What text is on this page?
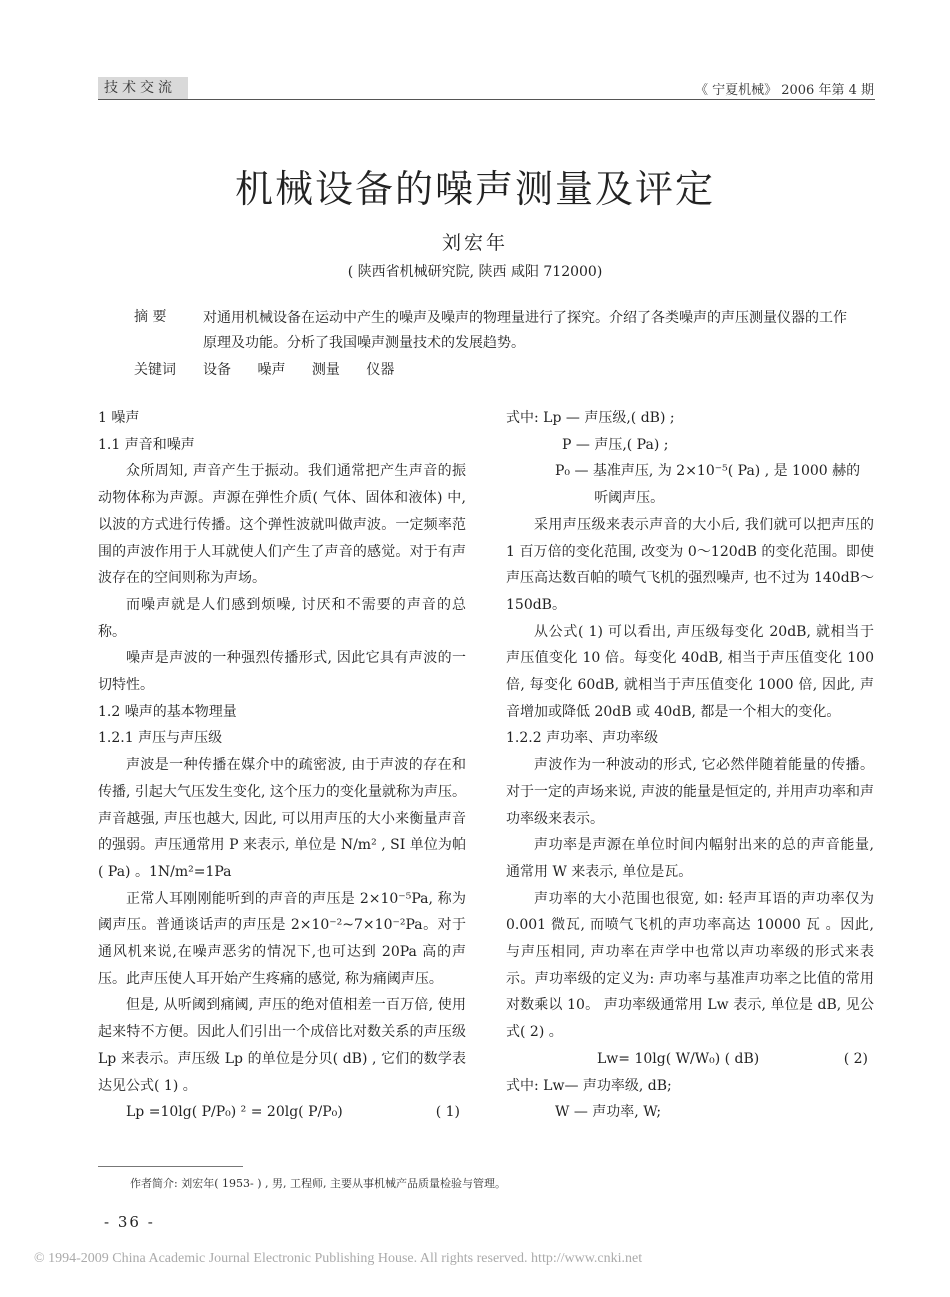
技术交流	《 宁夏机械》 2006 年第 4 期
机械设备的噪声测量及评定
刘宏年
( 陕西省机械研究院, 陕西 咸阳 712000)
摘 要	对通用机械设备在运动中产生的噪声及噪声的物理量进行了探究。介绍了各类噪声的声压测量仪器的工作原理及功能。分析了我国噪声测量技术的发展趋势。
关键词 设备 噪声 测量 仪器

1 噪声

1.1 声音和噪声

众所周知, 声音产生于振动。我们通常把产生声音的振动物体称为声源。声源在弹性介质( 气体、固体和液体) 中, 以波的方式进行传播。这个弹性波就叫做声波。一定频率范围的声波作用于人耳就使人们产生了声音的感觉。对于有声波存在的空间则称为声场。

而噪声就是人们感到烦噪, 讨厌和不需要的声音的总称。

噪声是声波的一种强烈传播形式, 因此它具有声波的一切特性。

1.2 噪声的基本物理量

1.2.1 声压与声压级

声波是一种传播在媒介中的疏密波, 由于声波的存在和传播, 引起大气压发生变化, 这个压力的变化量就称为声压。声音越强, 声压也越大, 因此, 可以用声压的大小来衡量声音的强弱。声压通常用 P 来表示, 单位是 N/m² , SI 单位为帕( Pa) 。1N/m²=1Pa

正常人耳刚刚能听到的声音的声压是 2×10⁻⁵Pa, 称为阈声压。普通谈话声的声压是 2×10⁻²~7×10⁻²Pa。对于通风机来说,在噪声恶劣的情况下,也可达到 20Pa 高的声压。此声压使人耳开始产生疼痛的感觉, 称为痛阈声压。

但是, 从听阈到痛阈, 声压的绝对值相差一百万倍, 使用起来特不方便。因此人们引出一个成倍比对数关系的声压级 Lp 来表示。声压级 Lp 的单位是分贝( dB) , 它们的数学表达见公式( 1) 。

Lp =10lg( P/P₀) ² = 20lg( P/P₀)	( 1)

式中: Lp — 声压级,( dB) ;

P — 声压,( Pa) ;

P₀ — 基准声压, 为 2×10⁻⁵( Pa) , 是 1000 赫的

听阈声压。

采用声压级来表示声音的大小后, 我们就可以把声压的 1 百万倍的变化范围, 改变为 0～120dB 的变化范围。即使声压高达数百帕的喷气飞机的强烈噪声, 也不过为 140dB～150dB。

从公式( 1) 可以看出, 声压级每变化 20dB, 就相当于声压值变化 10 倍。每变化 40dB, 相当于声压值变化 100 倍, 每变化 60dB, 就相当于声压值变化 1000 倍, 因此, 声音增加或降低 20dB 或 40dB, 都是一个相大的变化。

1.2.2 声功率、声功率级

声波作为一种波动的形式, 它必然伴随着能量的传播。对于一定的声场来说, 声波的能量是恒定的, 并用声功率和声功率级来表示。

声功率是声源在单位时间内幅射出来的总的声音能量, 通常用 W 来表示, 单位是瓦。

声功率的大小范围也很宽, 如: 轻声耳语的声功率仅为 0.001 微瓦, 而喷气飞机的声功率高达 10000 瓦 。因此, 与声压相同, 声功率在声学中也常以声功率级的形式来表示。声功率级的定义为: 声功率与基准声功率之比值的常用对数乘以 10。 声功率级通常用 Lw 表示, 单位是 dB, 见公式( 2) 。

Lw= 10lg( W/W₀) ( dB)	( 2)

式中: Lw— 声功率级, dB;

W — 声功率, W;

作者简介: 刘宏年( 1953- ) , 男, 工程师, 主要从事机械产品质量检验与管理。
- 36 -
© 1994-2009 China Academic Journal Electronic Publishing House. All rights reserved. http://www.cnki.net
